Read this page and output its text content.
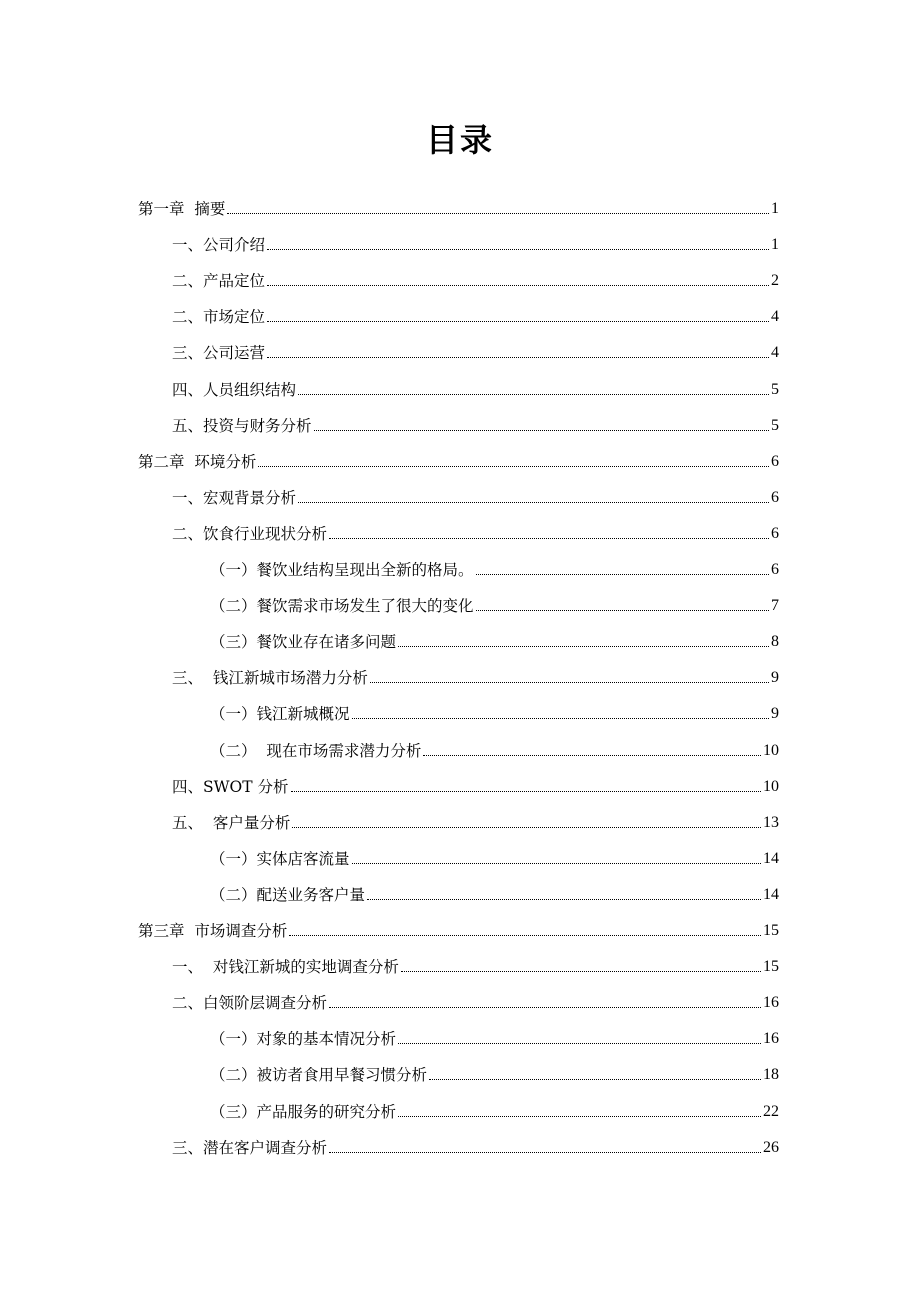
目录
第一章  摘要	1
一、公司介绍	1
二、产品定位	2
二、市场定位	4
三、公司运营	4
四、人员组织结构	5
五、投资与财务分析	5
第二章  环境分析	6
一、宏观背景分析	6
二、饮食行业现状分析	6
（一）餐饮业结构呈现出全新的格局。	6
（二）餐饮需求市场发生了很大的变化	7
（三）餐饮业存在诸多问题	8
三、  钱江新城市场潜力分析	9
（一）钱江新城概况	9
（二）  现在市场需求潜力分析	10
四、SWOT 分析	10
五、  客户量分析	13
（一）实体店客流量	14
（二）配送业务客户量	14
第三章  市场调查分析	15
一、  对钱江新城的实地调查分析	15
二、白领阶层调查分析	16
（一）对象的基本情况分析	16
（二）被访者食用早餐习惯分析	18
（三）产品服务的研究分析	22
三、潜在客户调查分析	26
